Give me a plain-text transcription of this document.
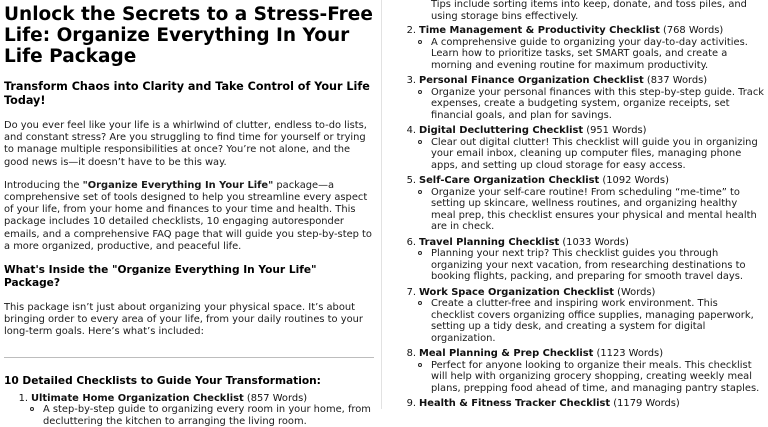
Unlock the Secrets to a Stress-Free Life: Organize Everything In Your Life Package
Transform Chaos into Clarity and Take Control of Your Life Today!

Do you ever feel like your life is a whirlwind of clutter, endless to-do lists, and constant stress? Are you struggling to find time for yourself or trying to manage multiple responsibilities at once? You’re not alone, and the good news is—it doesn’t have to be this way.

Introducing the "Organize Everything In Your Life" package—a comprehensive set of tools designed to help you streamline every aspect of your life, from your home and finances to your time and health. This package includes 10 detailed checklists, 10 engaging autoresponder emails, and a comprehensive FAQ page that will guide you step-by-step to a more organized, productive, and peaceful life.

What's Inside the "Organize Everything In Your Life" Package?

This package isn’t just about organizing your physical space. It’s about bringing order to every area of your life, from your daily routines to your long-term goals. Here’s what’s included:

10 Detailed Checklists to Guide Your Transformation:
1. Ultimate Home Organization Checklist (857 Words)
A step-by-step guide to organizing every room in your home, from decluttering the kitchen to arranging the living room.
Tips include sorting items into keep, donate, and toss piles, and using storage bins effectively.
2. Time Management & Productivity Checklist (768 Words)
A comprehensive guide to organizing your day-to-day activities. Learn how to prioritize tasks, set SMART goals, and create a morning and evening routine for maximum productivity.
3. Personal Finance Organization Checklist (837 Words)
Organize your personal finances with this step-by-step guide. Track expenses, create a budgeting system, organize receipts, set financial goals, and plan for savings.
4. Digital Decluttering Checklist (951 Words)
Clear out digital clutter! This checklist will guide you in organizing your email inbox, cleaning up computer files, managing phone apps, and setting up cloud storage for easy access.
5. Self-Care Organization Checklist (1092 Words)
Organize your self-care routine! From scheduling “me-time” to setting up skincare, wellness routines, and organizing healthy meal prep, this checklist ensures your physical and mental health are in check.
6. Travel Planning Checklist (1033 Words)
Planning your next trip? This checklist guides you through organizing your next vacation, from researching destinations to booking flights, packing, and preparing for smooth travel days.
7. Work Space Organization Checklist (Words)
Create a clutter-free and inspiring work environment. This checklist covers organizing office supplies, managing paperwork, setting up a tidy desk, and creating a system for digital organization.
8. Meal Planning & Prep Checklist (1123 Words)
Perfect for anyone looking to organize their meals. This checklist will help with organizing grocery shopping, creating weekly meal plans, prepping food ahead of time, and managing pantry staples.
9. Health & Fitness Tracker Checklist (1179 Words)
